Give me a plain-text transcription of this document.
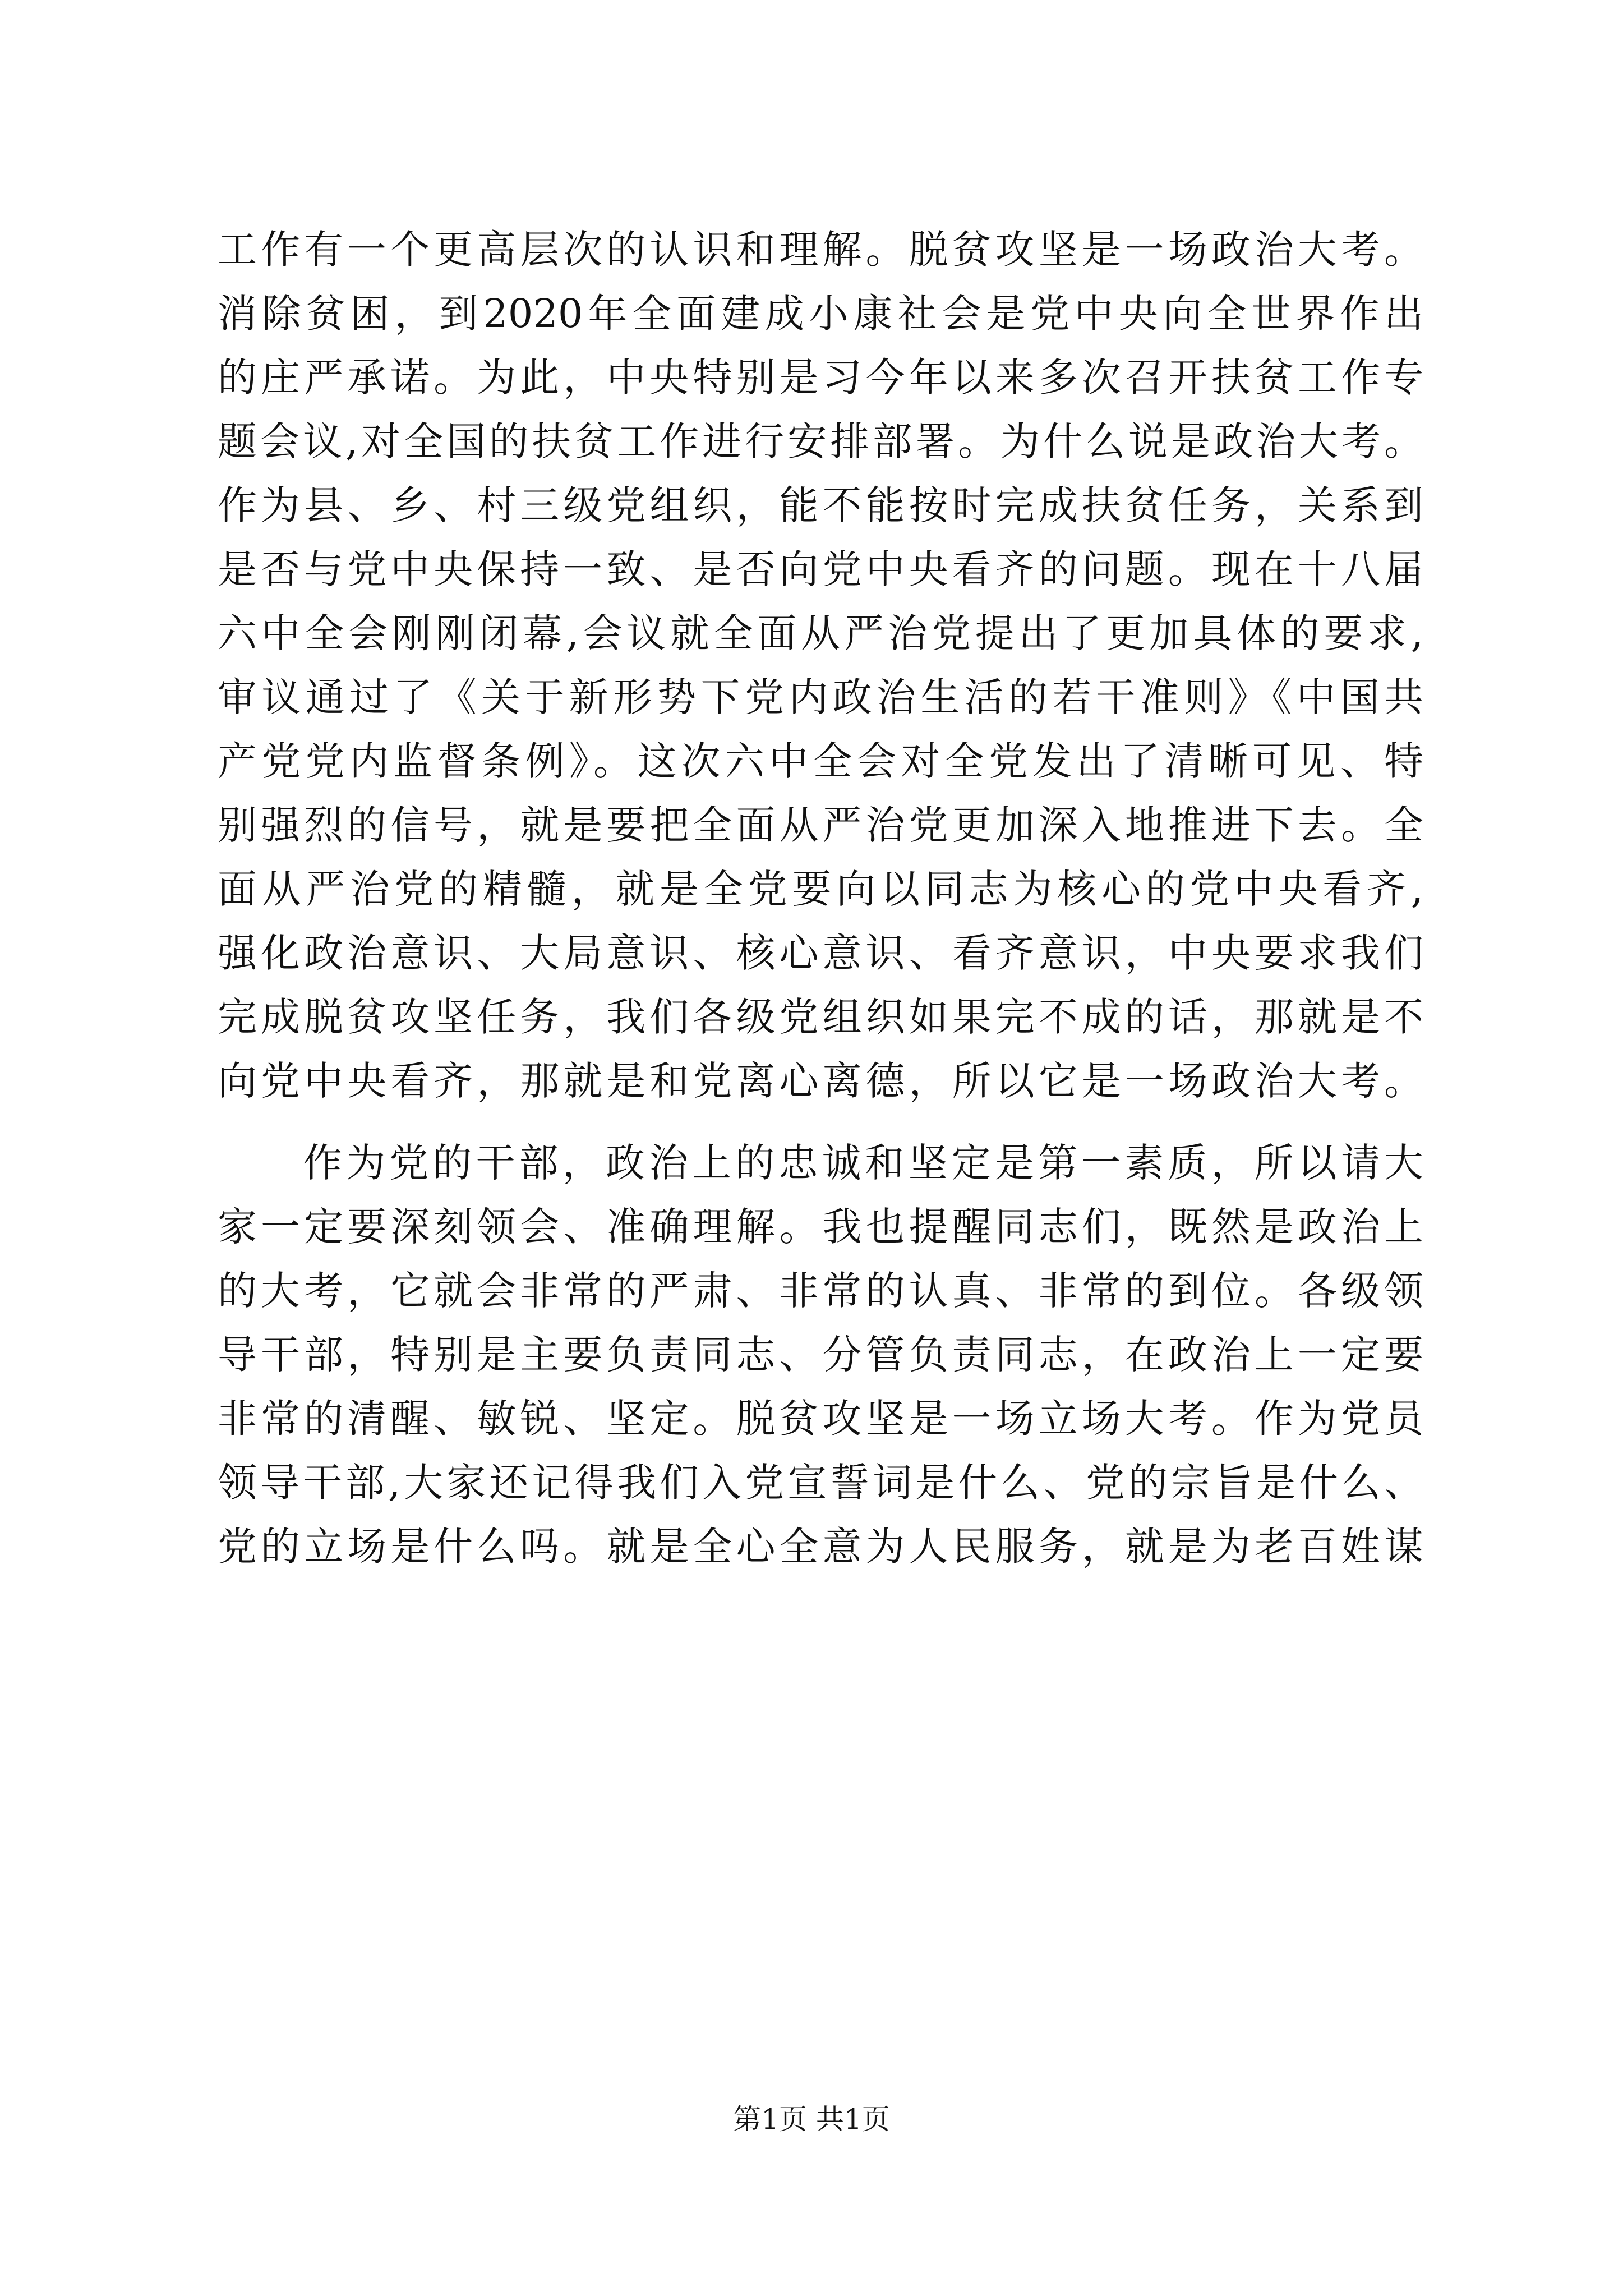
工作有一个更高层次的认识和理解。脱贫攻坚是一场政治大考。
消除贫困，到2020年全面建成小康社会是党中央向全世界作出
的庄严承诺。为此，中央特别是习今年以来多次召开扶贫工作专
题会议,对全国的扶贫工作进行安排部署。为什么说是政治大考。
作为县、乡、村三级党组织，能不能按时完成扶贫任务，关系到
是否与党中央保持一致、是否向党中央看齐的问题。现在十八届
六中全会刚刚闭幕,会议就全面从严治党提出了更加具体的要求,
审议通过了《关于新形势下党内政治生活的若干准则》《中国共
产党党内监督条例》。这次六中全会对全党发出了清晰可见、特
别强烈的信号，就是要把全面从严治党更加深入地推进下去。全
面从严治党的精髓，就是全党要向以同志为核心的党中央看齐,
强化政治意识、大局意识、核心意识、看齐意识，中央要求我们
完成脱贫攻坚任务，我们各级党组织如果完不成的话，那就是不
向党中央看齐，那就是和党离心离德，所以它是一场政治大考。
作为党的干部，政治上的忠诚和坚定是第一素质，所以请大
家一定要深刻领会、准确理解。我也提醒同志们，既然是政治上
的大考，它就会非常的严肃、非常的认真、非常的到位。各级领
导干部，特别是主要负责同志、分管负责同志，在政治上一定要
非常的清醒、敏锐、坚定。脱贫攻坚是一场立场大考。作为党员
领导干部,大家还记得我们入党宣誓词是什么、党的宗旨是什么、
党的立场是什么吗。就是全心全意为人民服务，就是为老百姓谋
第1页 共1页
